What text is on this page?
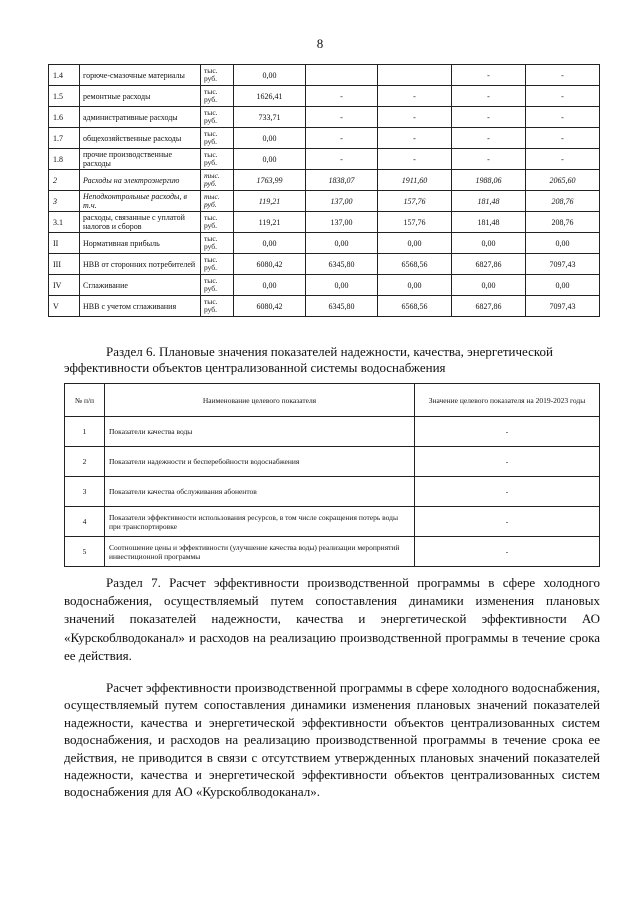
8
1.4	горюче-смазочные материалы	тыс. руб.	0,00			-	-
1.5	ремонтные расходы	тыс. руб.	1626,41	-	-	-	-
1.6	административные расходы	тыс. руб.	733,71	-	-	-	-
1.7	общехозяйственные расходы	тыс. руб.	0,00	-	-	-	-
1.8	прочие производственные расходы	тыс. руб.	0,00	-	-	-	-
2	Расходы на электроэнергию	тыс. руб.	1763,99	1838,07	1911,60	1988,06	2065,60
3	Неподконтрольные расходы, в т.ч.	тыс. руб.	119,21	137,00	157,76	181,48	208,76
3.1	расходы, связанные с уплатой налогов и сборов	тыс. руб.	119,21	137,00	157,76	181,48	208,76
II	Нормативная прибыль	тыс. руб.	0,00	0,00	0,00	0,00	0,00
III	НВВ от сторонних потребителей	тыс. руб.	6080,42	6345,80	6568,56	6827,86	7097,43
IV	Сглаживание	тыс. руб.	0,00	0,00	0,00	0,00	0,00
V	НВВ с учетом сглаживания	тыс. руб.	6080,42	6345,80	6568,56	6827,86	7097,43
Раздел 6. Плановые значения показателей надежности, качества, энергетической
эффективности объектов централизованной системы водоснабжения
№ п/п	Наименование целевого показателя	Значение целевого показателя на 2019-2023 годы
1	Показатели качества воды	-
2	Показатели надежности и бесперебойности водоснабжения	-
3	Показатели качества обслуживания абонентов	-
4	Показатели эффективности использования ресурсов, в том числе сокращения потерь воды при транспортировке	-
5	Соотношение цены и эффективности (улучшение качества воды) реализации мероприятий инвестиционной программы	-

Раздел 7. Расчет эффективности производственной программы в сфере холодного водоснабжения, осуществляемый путем сопоставления динамики изменения плановых значений показателей надежности, качества и энергетической эффективности АО «Курскоблводоканал» и расходов на реализацию производственной программы в течение срока ее действия.

Расчет эффективности производственной программы в сфере холодного водоснабжения, осуществляемый путем сопоставления динамики изменения плановых значений показателей надежности, качества и энергетической эффективности объектов централизованных систем водоснабжения, и расходов на реализацию производственной программы в течение срока ее действия, не приводится в связи с отсутствием утвержденных плановых значений показателей надежности, качества и энергетической эффективности объектов централизованных систем водоснабжения для АО «Курскоблводоканал».
